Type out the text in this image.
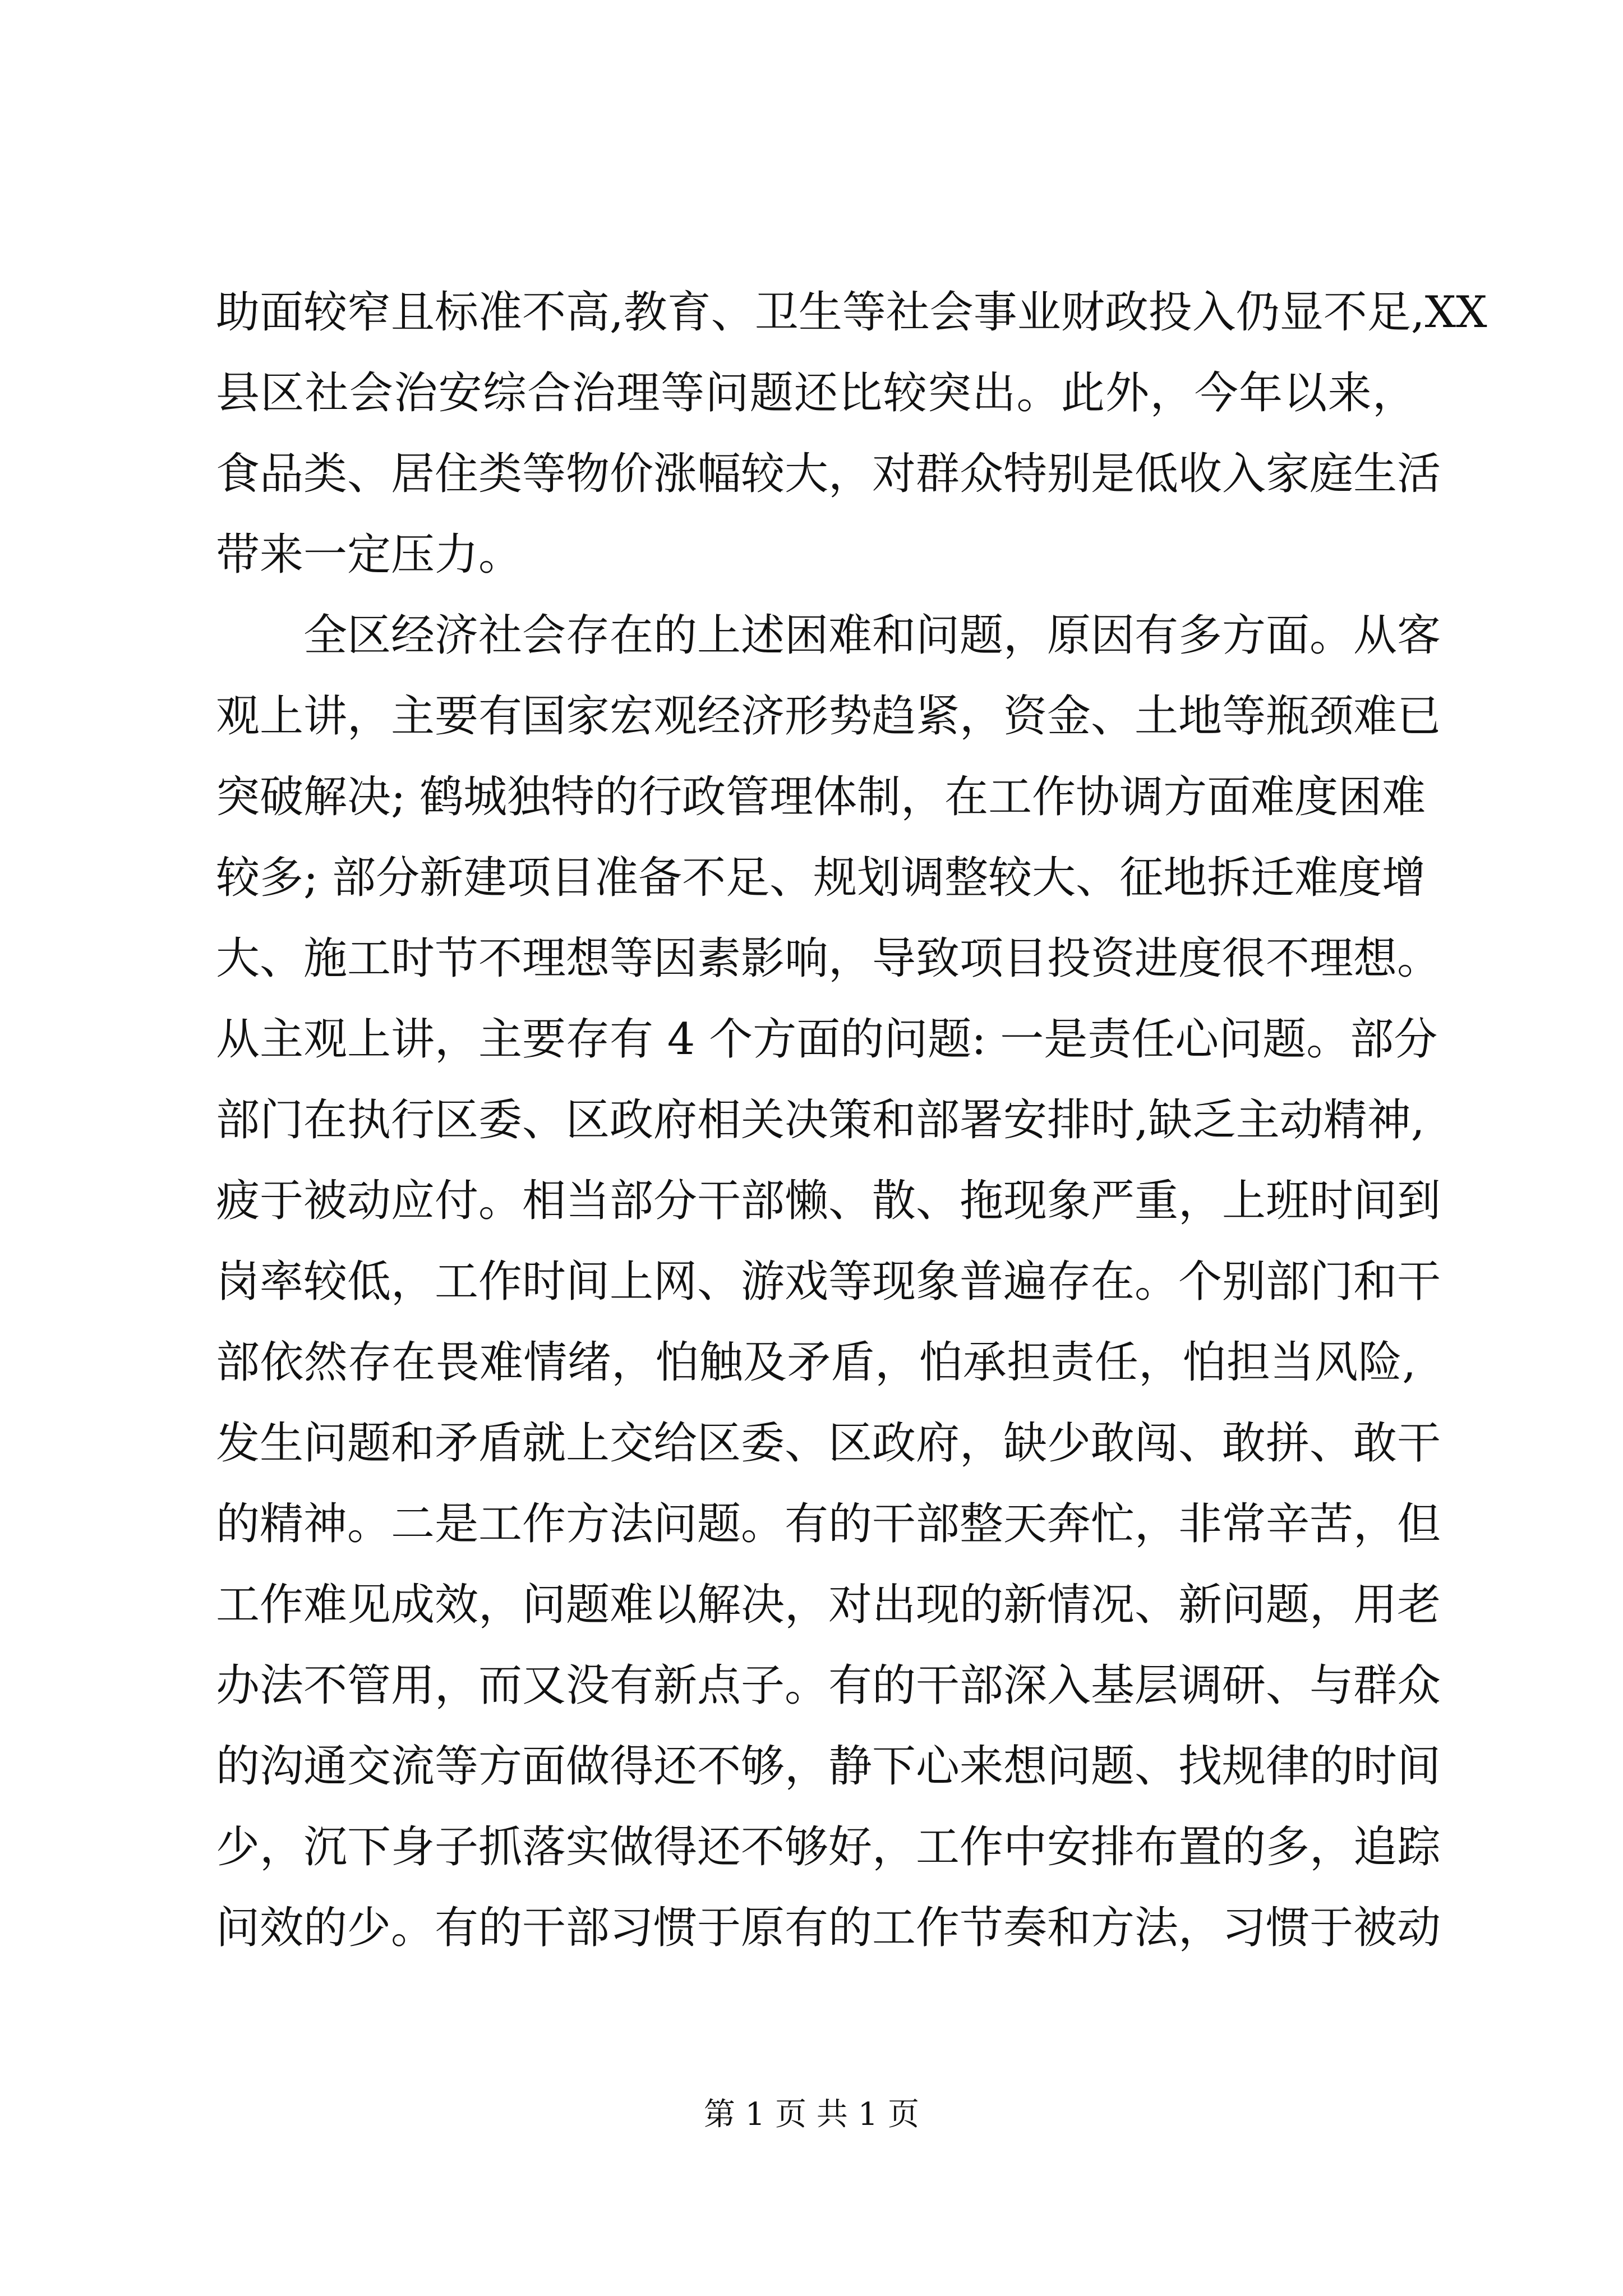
助面较窄且标准不高,教育、卫生等社会事业财政投入仍显不足,XX
县区社会治安综合治理等问题还比较突出。此外，今年以来，
食品类、居住类等物价涨幅较大，对群众特别是低收入家庭生活
带来一定压力。
全区经济社会存在的上述困难和问题，原因有多方面。从客
观上讲，主要有国家宏观经济形势趋紧，资金、土地等瓶颈难已
突破解决; 鹤城独特的行政管理体制，在工作协调方面难度困难
较多; 部分新建项目准备不足、规划调整较大、征地拆迁难度增
大、施工时节不理想等因素影响，导致项目投资进度很不理想。
从主观上讲，主要存有 4 个方面的问题: 一是责任心问题。部分
部门在执行区委、区政府相关决策和部署安排时,缺乏主动精神,
疲于被动应付。相当部分干部懒、散、拖现象严重，上班时间到
岗率较低，工作时间上网、游戏等现象普遍存在。个别部门和干
部依然存在畏难情绪，怕触及矛盾，怕承担责任，怕担当风险,
发生问题和矛盾就上交给区委、区政府，缺少敢闯、敢拼、敢干
的精神。二是工作方法问题。有的干部整天奔忙，非常辛苦，但
工作难见成效，问题难以解决，对出现的新情况、新问题，用老
办法不管用，而又没有新点子。有的干部深入基层调研、与群众
的沟通交流等方面做得还不够，静下心来想问题、找规律的时间
少，沉下身子抓落实做得还不够好，工作中安排布置的多，追踪
问效的少。有的干部习惯于原有的工作节奏和方法，习惯于被动
第 1 页 共 1 页
